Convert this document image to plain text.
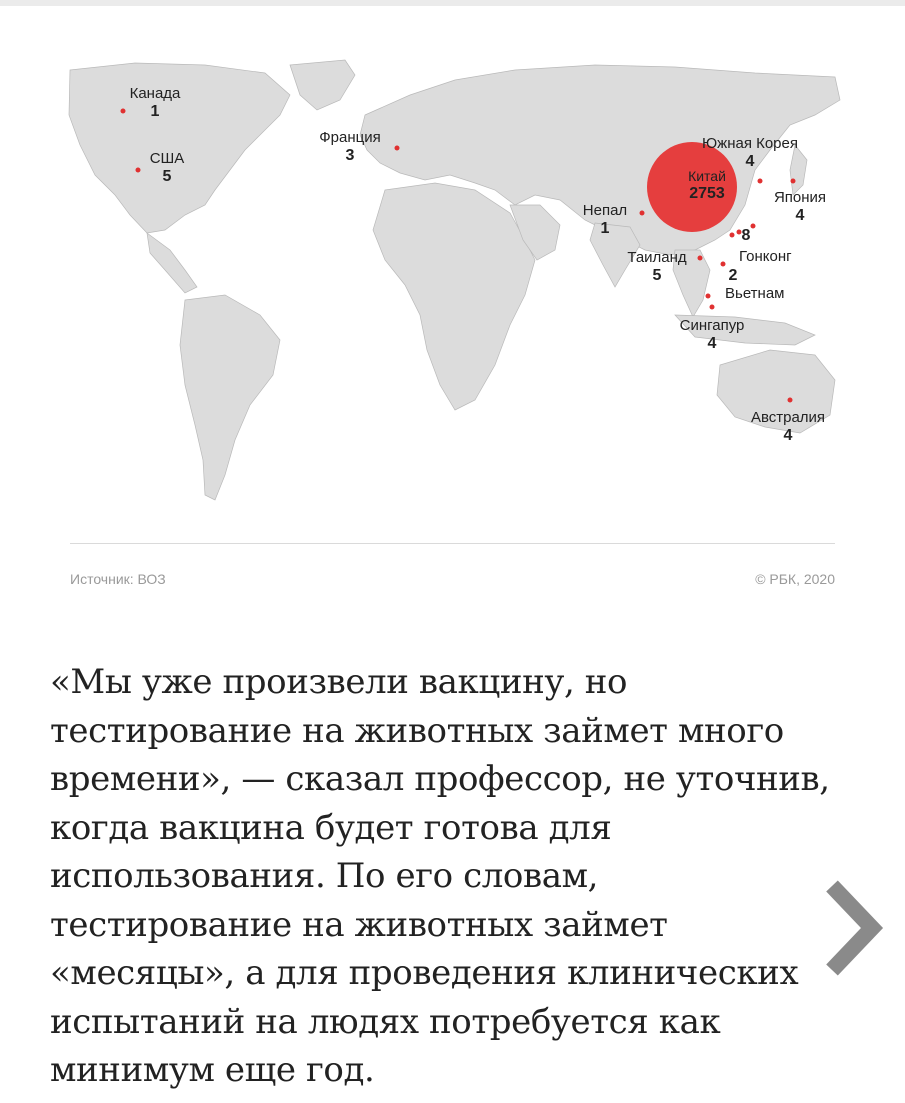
Канада
1
США
5
Франция
3
Непал
1
Китай
2753
Южная Корея
4
Япония
4
Таиланд
5
8
Гонконг
2
Вьетнам
Сингапур
4
Австралия
4
Источник: ВОЗ	© РБК, 2020

«Мы уже произвели вакцину, но тестирование на животных займет много времени», — сказал профессор, не уточнив, когда вакцина будет готова для использования. По его словам, тестирование на животных займет «месяцы», а для проведения клинических испытаний на людях потребуется как минимум еще год.
